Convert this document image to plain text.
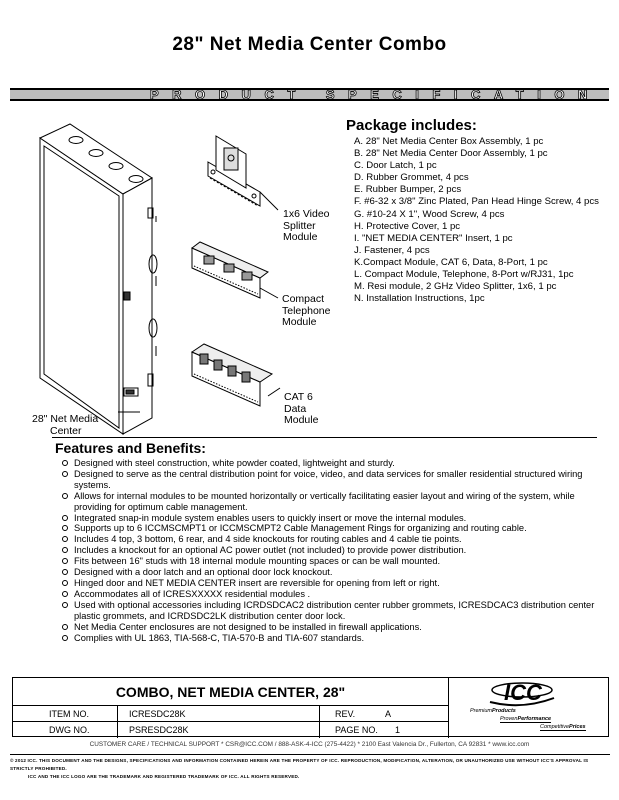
28" Net Media Center Combo
PRODUCT SPECIFICATION
1x6 Video
Splitter
Module
Compact
Telephone
Module
CAT 6
Data
Module
28" Net Media
Center
Package includes:
A. 28" Net Media Center Box Assembly, 1 pc
B. 28" Net Media Center Door Assembly, 1 pc
C. Door Latch, 1 pc
D. Rubber Grommet, 4 pcs
E. Rubber Bumper, 2 pcs
F. #6-32 x 3/8" Zinc Plated, Pan Head Hinge Screw, 4 pcs
G. #10-24 X 1", Wood Screw, 4 pcs
H. Protective Cover, 1 pc
I. "NET MEDIA CENTER" Insert, 1 pc
J. Fastener, 4 pcs
K.Compact Module, CAT 6, Data, 8-Port, 1 pc
L. Compact Module, Telephone, 8-Port w/RJ31, 1pc
M. Resi module, 2 GHz Video Splitter, 1x6, 1 pc
N. Installation Instructions, 1pc
Features and Benefits:
Designed with steel construction, white powder coated, lightweight and sturdy.
Designed to serve as the central distribution point for voice, video, and data services for smaller residential structured wiring systems.
Allows for internal modules to be mounted horizontally or vertically facilitating easier layout and wiring of the system, while providing for optimum cable management.
Integrated snap-in module system enables users to quickly insert or move the internal modules.
Supports up to 6 ICCMSCMPT1 or ICCMSCMPT2 Cable Management Rings for organizing and routing cable.
Includes 4 top, 3 bottom, 6 rear, and 4 side knockouts for routing cables and 4 cable tie points.
Includes a knockout for an optional AC power outlet (not included) to provide power distribution.
Fits between 16" studs with 18 internal module mounting spaces or can be wall mounted.
Designed with a door latch and an optional door lock knockout.
Hinged door and NET MEDIA CENTER insert are reversible for opening from left or right.
Accommodates all of ICRESXXXXX residential modules .
Used with optional accessories including ICRDSDCAC2 distribution center rubber grommets, ICRESDCAC3 distribution center plastic grommets, and ICRDSDC2LK distribution center door lock.
Net Media Center enclosures are not designed to be installed in firewall applications.
Complies with UL 1863, TIA-568-C, TIA-570-B and TIA-607 standards.
COMBO, NET MEDIA CENTER, 28"
ITEM NO.	ICRESDC28K	REV.	A
DWG NO.	PSRESDC28K	PAGE NO. 1
ICC
PremiumProducts
ProvenPerformance
CompetitivePrices
CUSTOMER CARE / TECHNICAL SUPPORT * CSR@ICC.COM / 888-ASK-4-ICC (275-4422) * 2100 East Valencia Dr., Fullerton, CA 92831 * www.icc.com
© 2012 ICC. THIS DOCUMENT AND THE DESIGNS, SPECIFICATIONS AND INFORMATION CONTAINED HEREIN ARE THE PROPERTY OF ICC. REPRODUCTION, MODIFICATION, ALTERATION, OR UNAUTHORIZED USE WITHOUT ICC'S APPROVAL IS STRICTLY PROHIBITED.
ICC AND THE ICC LOGO ARE THE TRADEMARK AND REGISTERED TRADEMARK OF ICC. ALL RIGHTS RESERVED.
